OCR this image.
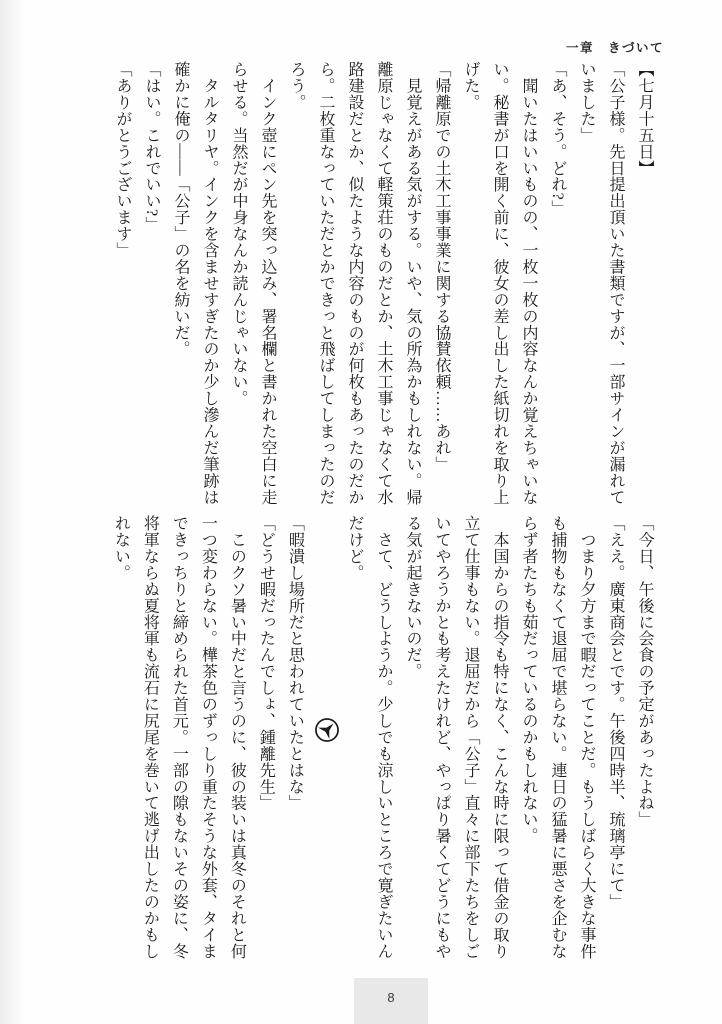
一章　きづいて
【七月十五日】
「公子様。先日提出頂いた書類ですが、一部サインが漏れて
いました」
「あ、そう。どれ?」
　聞いたはいいものの、一枚一枚の内容なんか覚えちゃいな
い。秘書が口を開く前に、彼女の差し出した紙切れを取り上
げた。
「帰離原での土木工事事業に関する協賛依頼……あれ」
　見覚えがある気がする。いや、気の所為かもしれない。帰
離原じゃなくて軽策荘のものだとか、土木工事じゃなくて水
路建設だとか、似たような内容のものが何枚もあったのだか
ら。二枚重なっていただとかできっと飛ばしてしまったのだ
ろう。
　インク壺にペン先を突っ込み、署名欄と書かれた空白に走
らせる。当然だが中身なんか読んじゃいない。
　タルタリヤ。インクを含ませすぎたのか少し滲んだ筆跡は
確かに俺の――「公子」の名を紡いだ。
「はい。これでいい?」
「ありがとうございます」
「今日、午後に会食の予定があったよね」
「ええ。廣東商会とです。午後四時半、琉璃亭にて」
　つまり夕方まで暇だってことだ。もうしばらく大きな事件
も捕物もなくて退屈で堪らない。連日の猛暑に悪さを企むな
らず者たちも茹だっているのかもしれない。
　本国からの指令も特になく、こんな時に限って借金の取り
立て仕事もない。退屈だから「公子」直々に部下たちをしご
いてやろうかとも考えたけれど、やっぱり暑くてどうにもや
る気が起きないのだ。
　さて、どうしようか。少しでも涼しいところで寛ぎたいん
だけど。
「暇潰し場所だと思われていたとはな」
「どうせ暇だったんでしょ、鍾離先生」
　このクソ暑い中だと言うのに、彼の装いは真冬のそれと何
一つ変わらない。樺茶色のずっしり重たそうな外套、タイま
できっちりと締められた首元。一部の隙もないその姿に、冬
将軍ならぬ夏将軍も流石に尻尾を巻いて逃げ出したのかもし
れない。
8
